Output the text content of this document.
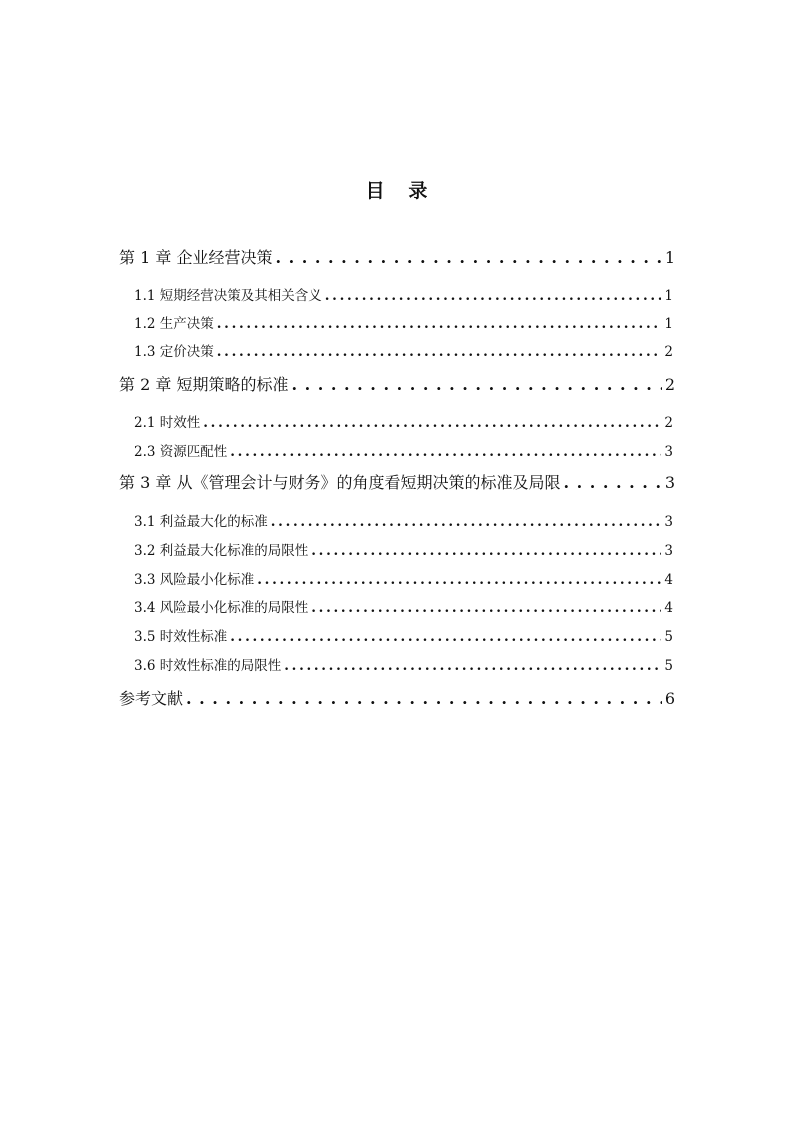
目 录
第 1 章 企业经营决策 . . .	1
1.1 短期经营决策及其相关含义 . . .	1
1.2 生产决策 . . .	1
1.3 定价决策 . . .	2
第 2 章 短期策略的标准 . . .	2
2.1 时效性 . . .	2
2.3 资源匹配性 . . .	3
第 3 章 从《管理会计与财务》的角度看短期决策的标准及局限 . . .	3
3.1 利益最大化的标准 . . .	3
3.2 利益最大化标准的局限性 . . .	3
3.3 风险最小化标准 . . .	4
3.4 风险最小化标准的局限性 . . .	4
3.5 时效性标准 . . .	5
3.6 时效性标准的局限性 . . .	5
参考文献 . . .	6
